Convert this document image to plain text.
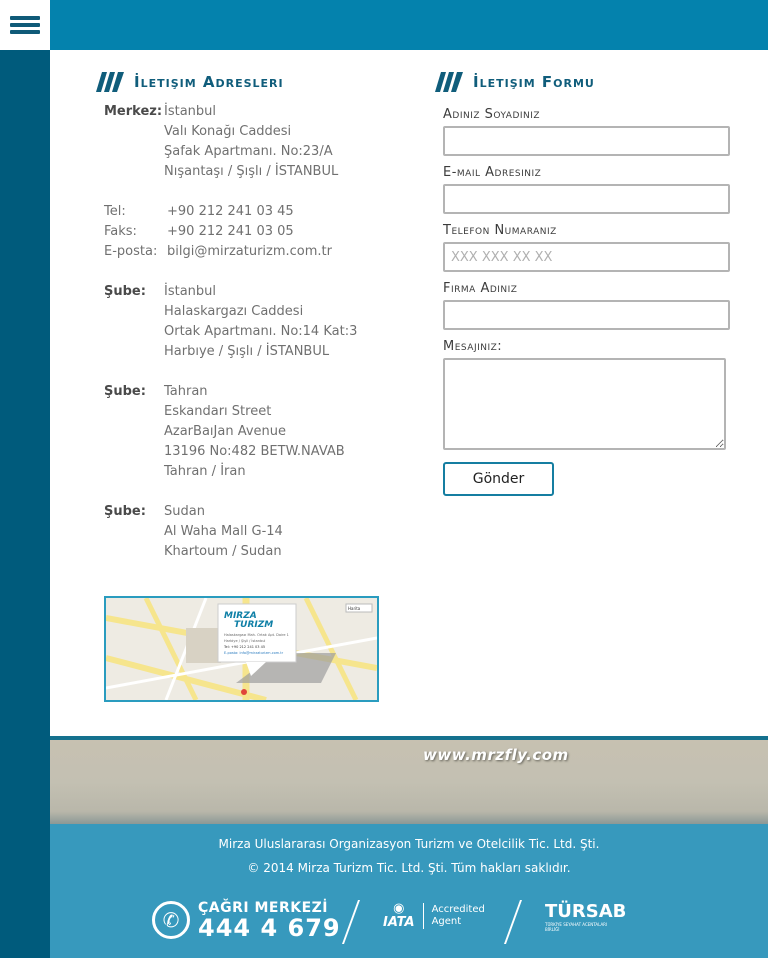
İletişim Adresleri
Merkez: İstanbul
Valı Konağı Caddesi
Şafak Apartmanı. No:23/A
Nışantaşı / Şışlı / İSTANBUL
Tel:	+90 212 241 03 45
Faks:	+90 212 241 03 05
E-posta: bilgi@mirzaturizm.com.tr
Şube:	İstanbul
Halaskargazı Caddesi
Ortak Apartmanı. No:14 Kat:3
Harbıye / Şışlı / İSTANBUL
Şube:	Tahran
Eskandarı Street
AzarBaıJan Avenue
13196 No:482 BETW.NAVAB
Tahran / İran
Şube:	Sudan
Al Waha Mall G-14
Khartoum / Sudan
MIRZA
TURIZM
Halaskargazı Mah. Ortak Apt. Daire 1
Harbiye / Şişli / İstanbul
Tel: +90 212 241 03 45
E-posta: info@mirzaturizm.com.tr
Harita
İletişim Formu
Adınız Soyadınız
E-mail Adresiniz
Telefon Numaranız
XXX XXX XX XX
Firma Adınız
Mesajınız:
Gönder
www.mrzfly.com
Mirza Uluslararası Organizasyon Turizm ve Otelcilik Tic. Ltd. Şti.
© 2014 Mirza Turizm Tic. Ltd. Şti. Tüm hakları saklıdır.
✆	ÇAĞRI MERKEZİ
444 4 679
◉
IATA
Accredited
Agent	TÜRSAB
TÜRKİYE SEYAHAT ACENTALARI BİRLİĞİ
